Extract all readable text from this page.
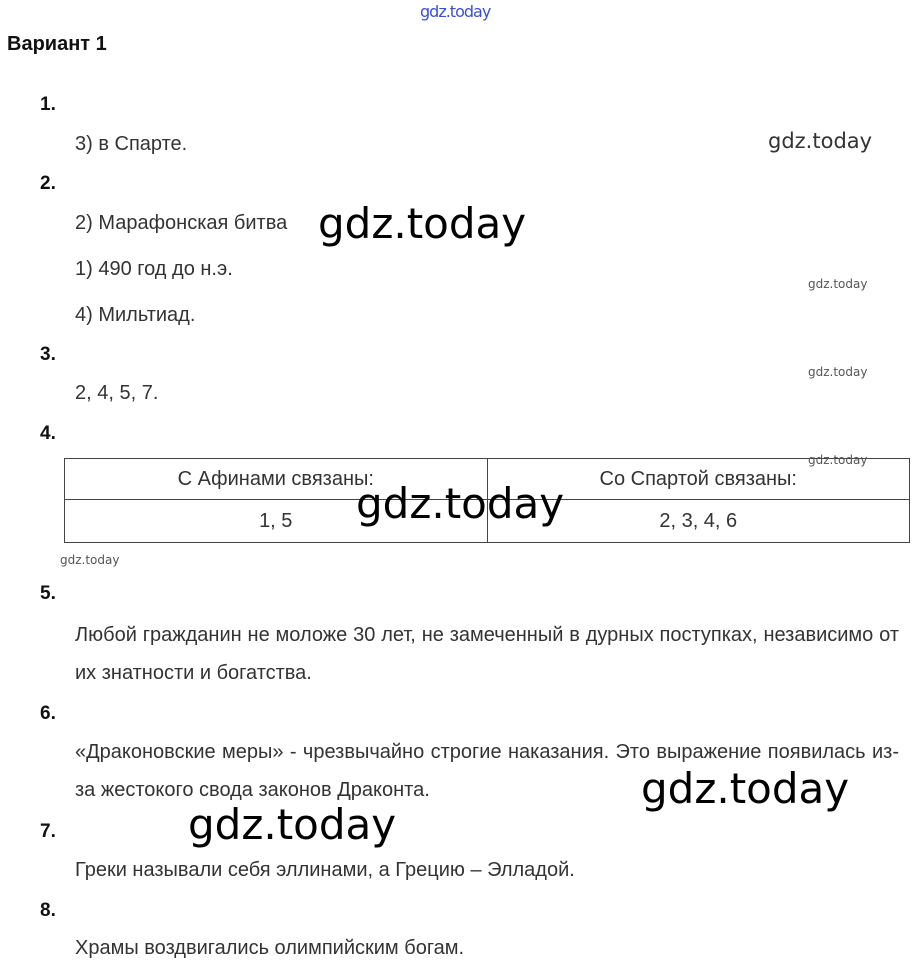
gdz.today
Вариант 1
1.
3) в Спарте.
2.
2) Марафонская битва
1) 490 год до н.э.
4) Мильтиад.
3.
2, 4, 5, 7.
4.
С Афинами связаны:	Со Спартой связаны:
1, 5	2, 3, 4, 6
5.
Любой гражданин не моложе 30 лет, не замеченный в дурных поступках, независимо от их знатности и богатства.
6.
«Драконовские меры» - чрезвычайно строгие наказания. Это выражение появилась из-за жестокого свода законов Драконта.
7.
Греки называли себя эллинами, а Грецию – Элладой.
8.
Храмы воздвигались олимпийским богам.
gdz.today
gdz.today
gdz.today
gdz.today
gdz.today
gdz.today
gdz.today
gdz.today
gdz.today
